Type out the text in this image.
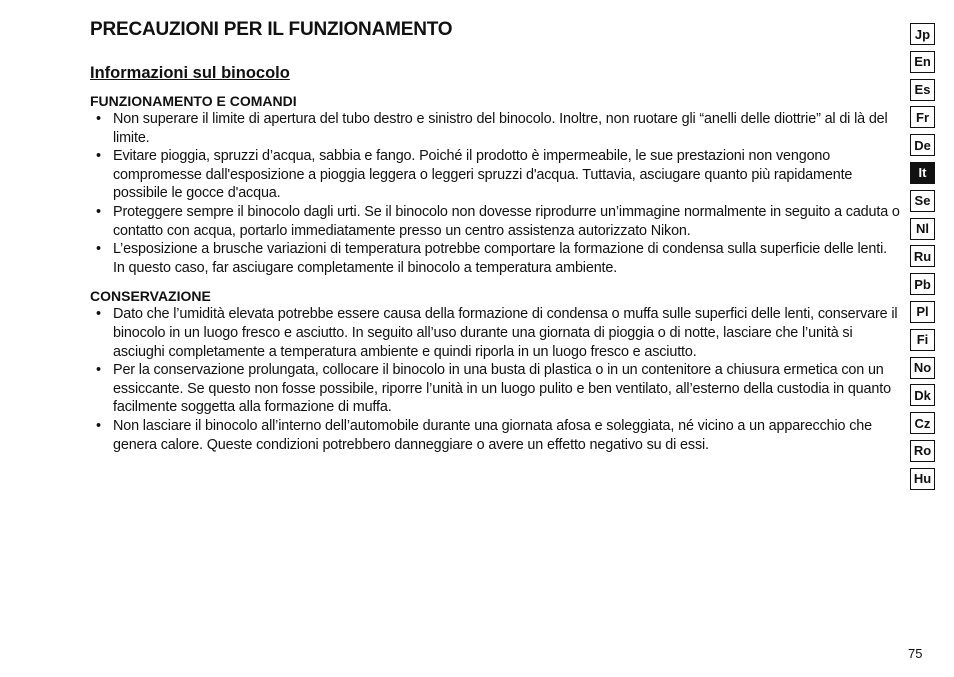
PRECAUZIONI PER IL FUNZIONAMENTO
Informazioni sul binocolo
FUNZIONAMENTO E COMANDI
• Non superare il limite di apertura del tubo destro e sinistro del binocolo. Inoltre, non ruotare gli “anelli delle diottrie” al di là del limite.
• Evitare pioggia, spruzzi d’acqua, sabbia e fango. Poiché il prodotto è impermeabile, le sue prestazioni non vengono compromesse dall'esposizione a pioggia leggera o leggeri spruzzi d'acqua. Tuttavia, asciugare quanto più rapidamente possibile le gocce d'acqua.
• Proteggere sempre il binocolo dagli urti. Se il binocolo non dovesse riprodurre un’immagine normalmente in seguito a caduta o contatto con acqua, portarlo immediatamente presso un centro assistenza autorizzato Nikon.
• L’esposizione a brusche variazioni di temperatura potrebbe comportare la formazione di condensa sulla superficie delle lenti. In questo caso, far asciugare completamente il binocolo a temperatura ambiente.
CONSERVAZIONE
• Dato che l’umidità elevata potrebbe essere causa della formazione di condensa o muffa sulle superfici delle lenti, conservare il binocolo in un luogo fresco e asciutto. In seguito all’uso durante una giornata di pioggia o di notte, lasciare che l’unità si asciughi completamente a temperatura ambiente e quindi riporla in un luogo fresco e asciutto.
• Per la conservazione prolungata, collocare il binocolo in una busta di plastica o in un contenitore a chiusura ermetica con un essiccante. Se questo non fosse possibile, riporre l’unità in un luogo pulito e ben ventilato, all’esterno della custodia in quanto facilmente soggetta alla formazione di muffa.
• Non lasciare il binocolo all’interno dell’automobile durante una giornata afosa e soleggiata, né vicino a un apparecchio che genera calore. Queste condizioni potrebbero danneggiare o avere un effetto negativo su di essi.
Jp
En
Es
Fr
De
It
Se
Nl
Ru
Pb
Pl
Fi
No
Dk
Cz
Ro
Hu
75
